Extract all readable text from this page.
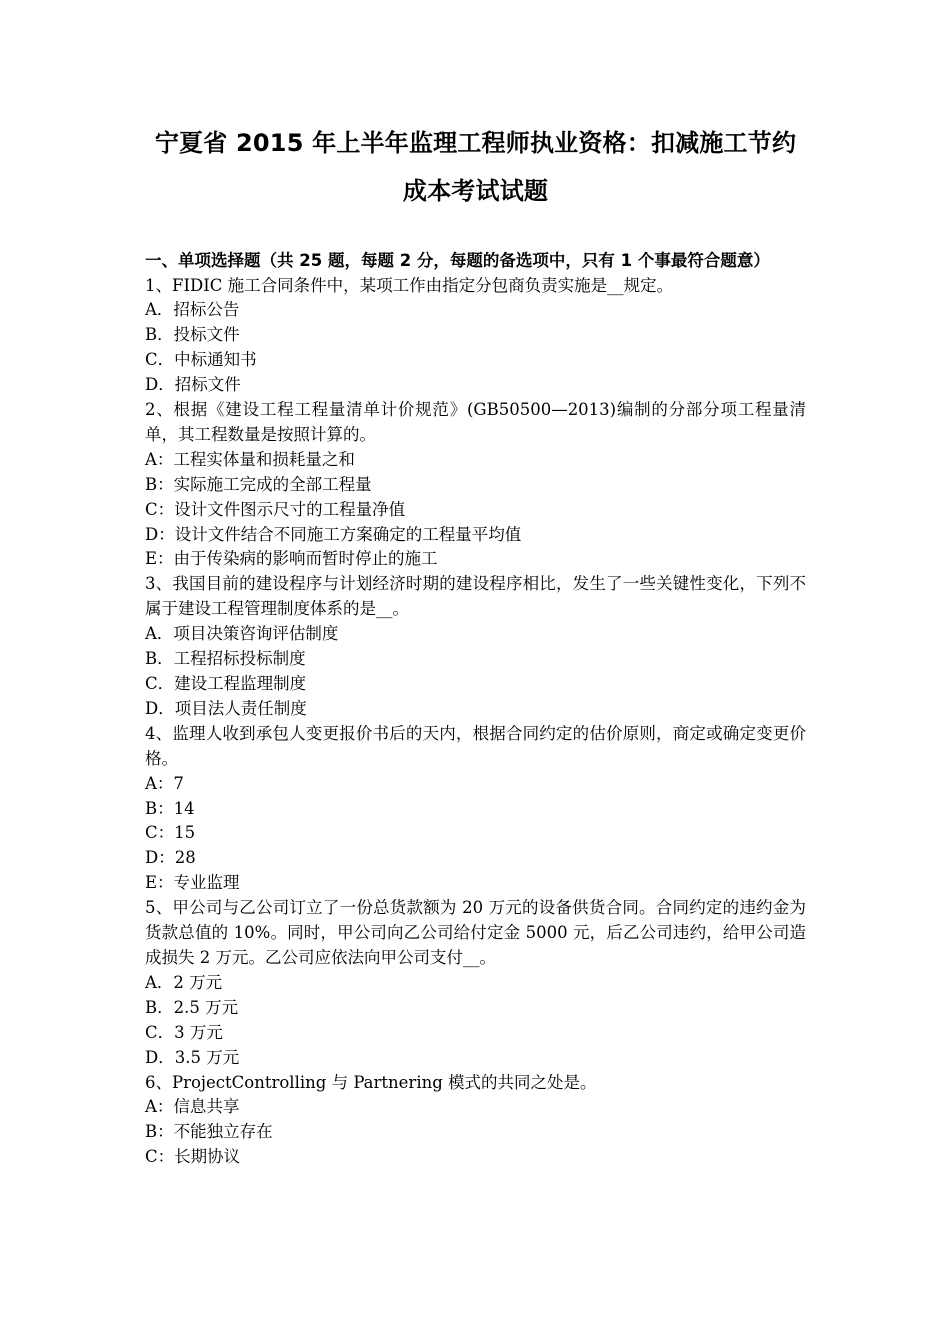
宁夏省 2015 年上半年监理工程师执业资格：扣减施工节约
成本考试试题
一、单项选择题（共 25 题，每题 2 分，每题的备选项中，只有 1 个事最符合题意）
1、FIDIC 施工合同条件中，某项工作由指定分包商负责实施是__规定。
A．招标公告
B．投标文件
C．中标通知书
D．招标文件
2、根据《建设工程工程量清单计价规范》(GB50500—2013)编制的分部分项工程量清单，其工程数量是按照计算的。
A：工程实体量和损耗量之和
B：实际施工完成的全部工程量
C：设计文件图示尺寸的工程量净值
D：设计文件结合不同施工方案确定的工程量平均值
E：由于传染病的影响而暂时停止的施工
3、我国目前的建设程序与计划经济时期的建设程序相比，发生了一些关键性变化，下列不属于建设工程管理制度体系的是__。
A．项目决策咨询评估制度
B．工程招标投标制度
C．建设工程监理制度
D．项目法人责任制度
4、监理人收到承包人变更报价书后的天内，根据合同约定的估价原则，商定或确定变更价格。
A：7
B：14
C：15
D：28
E：专业监理
5、甲公司与乙公司订立了一份总货款额为 20 万元的设备供货合同。合同约定的违约金为货款总值的 10%。同时，甲公司向乙公司给付定金 5000 元，后乙公司违约，给甲公司造成损失 2 万元。乙公司应依法向甲公司支付__。
A．2 万元
B．2.5 万元
C．3 万元
D．3.5 万元
6、ProjectControlling 与 Partnering 模式的共同之处是。
A：信息共享
B：不能独立存在
C：长期协议
